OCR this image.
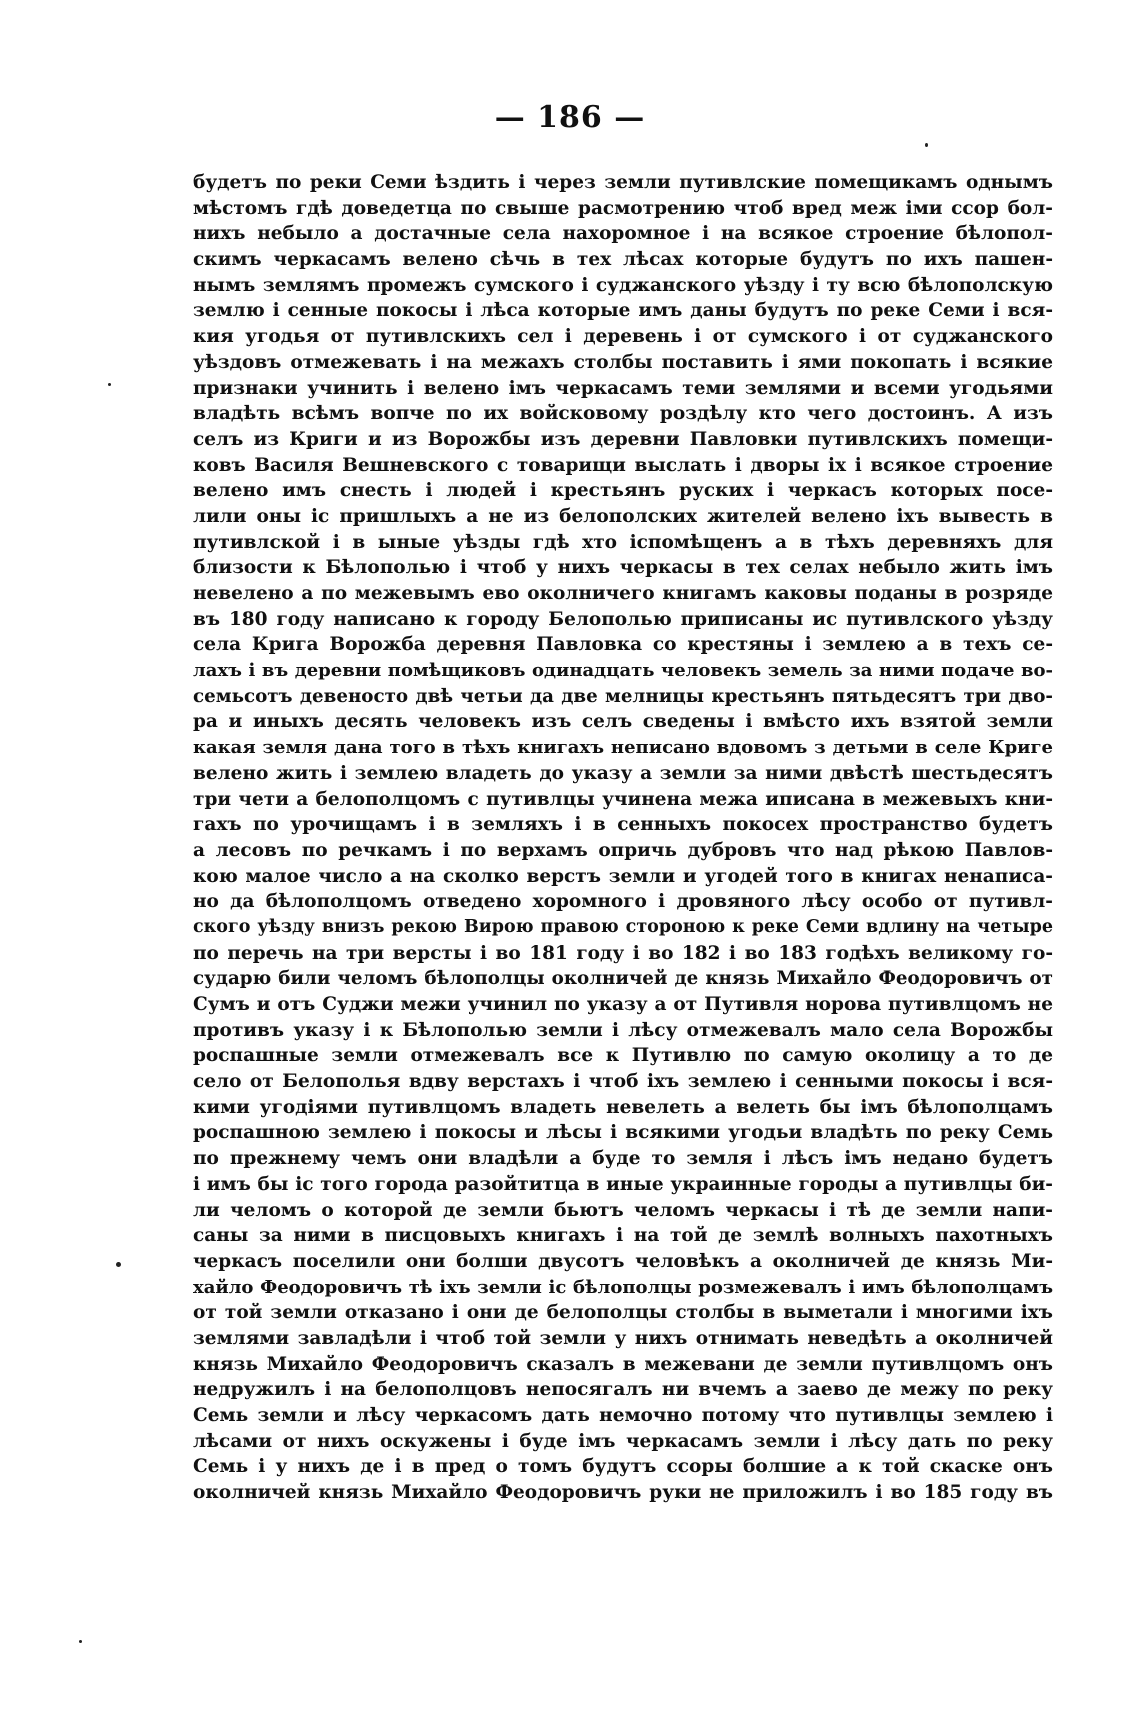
— 186 —
будетъ по реки Семи ѣздить і через земли путивлские помещикамъ однымъ
мѣстомъ гдѣ доведетца по свыше расмотрению чтоб вред меж іми ссор бол-
нихъ небыло а достачные села нахоромное і на всякое строение бѣлопол-
скимъ черкасамъ велено сѣчь в тех лѣсах которые будутъ по ихъ пашен-
нымъ землямъ промежъ сумского і суджанского уѣзду і ту всю бѣлополскую
землю і сенные покосы і лѣса которые имъ даны будутъ по реке Семи і вся-
кия угодья от путивлскихъ сел і деревень і от сумского і от суджанского
уѣздовъ отмежевать і на межахъ столбы поставить і ями покопать і всякие
признаки учинить і велено імъ черкасамъ теми землями и всеми угодьями
владѣть всѣмъ вопче по их войсковому роздѣлу кто чего достоинъ. А изъ
селъ из Криги и из Ворожбы изъ деревни Павловки путивлскихъ помещи-
ковъ Василя Вешневского с товарищи выслать і дворы іх і всякое строение
велено имъ снесть і людей і крестьянъ руских і черкасъ которых посе-
лили оны іс пришлыхъ а не из белополских жителей велено іхъ вывесть в
путивлской і в ыные уѣзды гдѣ хто іспомѣщенъ а в тѣхъ деревняхъ для
близости к Бѣлополью і чтоб у нихъ черкасы в тех селах небыло жить імъ
невелено а по межевымъ ево околничего книгамъ каковы поданы в розряде
въ 180 году написано к городу Белополью приписаны ис путивлского уѣзду
села Крига Ворожба деревня Павловка со крестяны і землею а в техъ се-
лахъ і въ деревни помѣщиковъ одинадцать человекъ земель за ними подаче во-
семьсотъ девеносто двѣ четьи да две мелницы крестьянъ пятьдесятъ три дво-
ра и иныхъ десять человекъ изъ селъ сведены і вмѣсто ихъ взятой земли
какая земля дана того в тѣхъ книгахъ неписано вдовомъ з детьми в селе Криге
велено жить і землею владеть до указу а земли за ними двѣстѣ шестьдесятъ
три чети а белополцомъ с путивлцы учинена межа иписана в межевыхъ кни-
гахъ по урочищамъ і в земляхъ і в сенныхъ покосех пространство будетъ
а лесовъ по речкамъ і по верхамъ опричь дубровъ что над рѣкою Павлов-
кою малое число а на сколко верстъ земли и угодей того в книгах ненаписа-
но да бѣлополцомъ отведено хоромного і дровяного лѣсу особо от путивл-
ского уѣзду внизъ рекою Вирою правою стороною к реке Семи вдлину на четыре
по перечь на три версты і во 181 году і во 182 і во 183 годѣхъ великому го-
сударю били челомъ бѣлополцы околничей де князь Михайло Феодоровичъ от
Сумъ и отъ Суджи межи учинил по указу а от Путивля норова путивлцомъ не
противъ указу і к Бѣлополью земли і лѣсу отмежевалъ мало села Ворожбы
роспашные земли отмежевалъ все к Путивлю по самую околицу а то де
село от Белополья вдву верстахъ і чтоб іхъ землею і сенными покосы і вся-
кими угодіями путивлцомъ владеть невелеть а велеть бы імъ бѣлополцамъ
роспашною землею і покосы и лѣсы і всякими угодьи владѣть по реку Семь
по прежнему чемъ они владѣли а буде то земля і лѣсъ імъ недано будетъ
і имъ бы іс того города разойтитца в иные украинные городы а путивлцы би-
ли челомъ о которой де земли бьютъ челомъ черкасы і тѣ де земли напи-
саны за ними в писцовыхъ книгахъ і на той де землѣ волныхъ пахотныхъ
черкасъ поселили они болши двусотъ человѣкъ а околничей де князь Ми-
хайло Феодоровичъ тѣ іхъ земли іс бѣлополцы розмежевалъ і имъ бѣлополцамъ
от той земли отказано і они де белополцы столбы в выметали і многими іхъ
землями завладѣли і чтоб той земли у нихъ отнимать неведѣть а околничей
князь Михайло Феодоровичъ сказалъ в межевани де земли путивлцомъ онъ
недружилъ і на белополцовъ непосягалъ ни вчемъ а заево де межу по реку
Семь земли и лѣсу черкасомъ дать немочно потому что путивлцы землею і
лѣсами от нихъ оскужены і буде імъ черкасамъ земли і лѣсу дать по реку
Семь і у нихъ де і в пред о томъ будутъ ссоры болшие а к той скаске онъ
околничей князь Михайло Феодоровичъ руки не приложилъ і во 185 году въ
